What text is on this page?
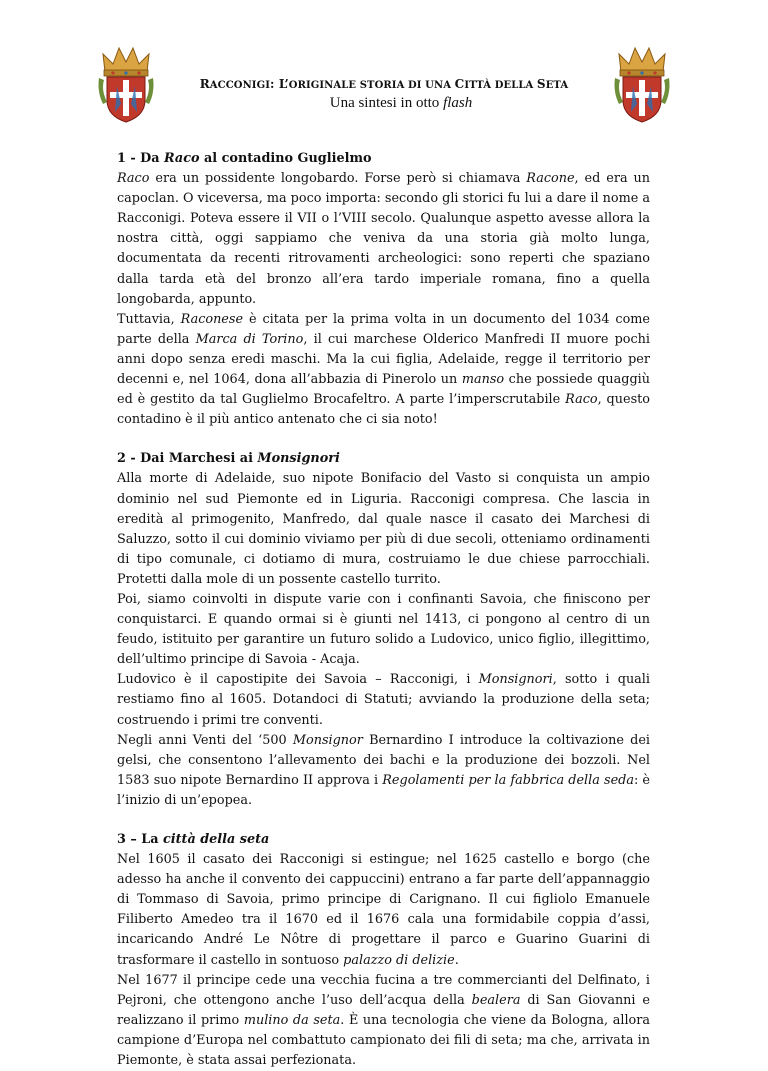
RACCONIGI: L’ORIGINALE STORIA DI UNA CITTÀ DELLA SETA

Una sintesi in otto flash

1 - Da Raco al contadino Guglielmo

Raco era un possidente longobardo. Forse però si chiamava Racone, ed era un capoclan. O viceversa, ma poco importa: secondo gli storici fu lui a dare il nome a Racconigi. Poteva essere il VII o l’VIII secolo. Qualunque aspetto avesse allora la nostra città, oggi sappiamo che veniva da una storia già molto lunga, documentata da recenti ritrovamenti archeologici: sono reperti che spaziano dalla tarda età del bronzo all’era tardo imperiale romana, fino a quella longobarda, appunto.

Tuttavia, Raconese è citata per la prima volta in un documento del 1034 come parte della Marca di Torino, il cui marchese Olderico Manfredi II muore pochi anni dopo senza eredi maschi. Ma la cui figlia, Adelaide, regge il territorio per decenni e, nel 1064, dona all’abbazia di Pinerolo un manso che possiede quaggiù ed è gestito da tal Guglielmo Brocafeltro. A parte l’imperscrutabile Raco, questo contadino è il più antico antenato che ci sia noto!

2 - Dai Marchesi ai Monsignori

Alla morte di Adelaide, suo nipote Bonifacio del Vasto si conquista un ampio dominio nel sud Piemonte ed in Liguria. Racconigi compresa. Che lascia in eredità al primogenito, Manfredo, dal quale nasce il casato dei Marchesi di Saluzzo, sotto il cui dominio viviamo per più di due secoli, otteniamo ordinamenti di tipo comunale, ci dotiamo di mura, costruiamo le due chiese parrocchiali. Protetti dalla mole di un possente castello turrito.

Poi, siamo coinvolti in dispute varie con i confinanti Savoia, che finiscono per conquistarci. E quando ormai si è giunti nel 1413, ci pongono al centro di un feudo, istituito per garantire un futuro solido a Ludovico, unico figlio, illegittimo, dell’ultimo principe di Savoia - Acaja.

Ludovico è il capostipite dei Savoia – Racconigi, i Monsignori, sotto i quali restiamo fino al 1605. Dotandoci di Statuti; avviando la produzione della seta; costruendo i primi tre conventi.

Negli anni Venti del ‘500 Monsignor Bernardino I introduce la coltivazione dei gelsi, che consentono l’allevamento dei bachi e la produzione dei bozzoli. Nel 1583 suo nipote Bernardino II approva i Regolamenti per la fabbrica della seda: è l’inizio di un’epopea.

3 – La città della seta

Nel 1605 il casato dei Racconigi si estingue; nel 1625 castello e borgo (che adesso ha anche il convento dei cappuccini) entrano a far parte dell’appannaggio di Tommaso di Savoia, primo principe di Carignano. Il cui figliolo Emanuele Filiberto Amedeo tra il 1670 ed il 1676 cala una formidabile coppia d’assi, incaricando André Le Nôtre di progettare il parco e Guarino Guarini di trasformare il castello in sontuoso palazzo di delizie.

Nel 1677 il principe cede una vecchia fucina a tre commercianti del Delfinato, i Pejroni, che ottengono anche l’uso dell’acqua della bealera di San Giovanni e realizzano il primo mulino da seta. È una tecnologia che viene da Bologna, allora campione d’Europa nel combattuto campionato dei fili di seta; ma che, arrivata in Piemonte, è stata assai perfezionata.
